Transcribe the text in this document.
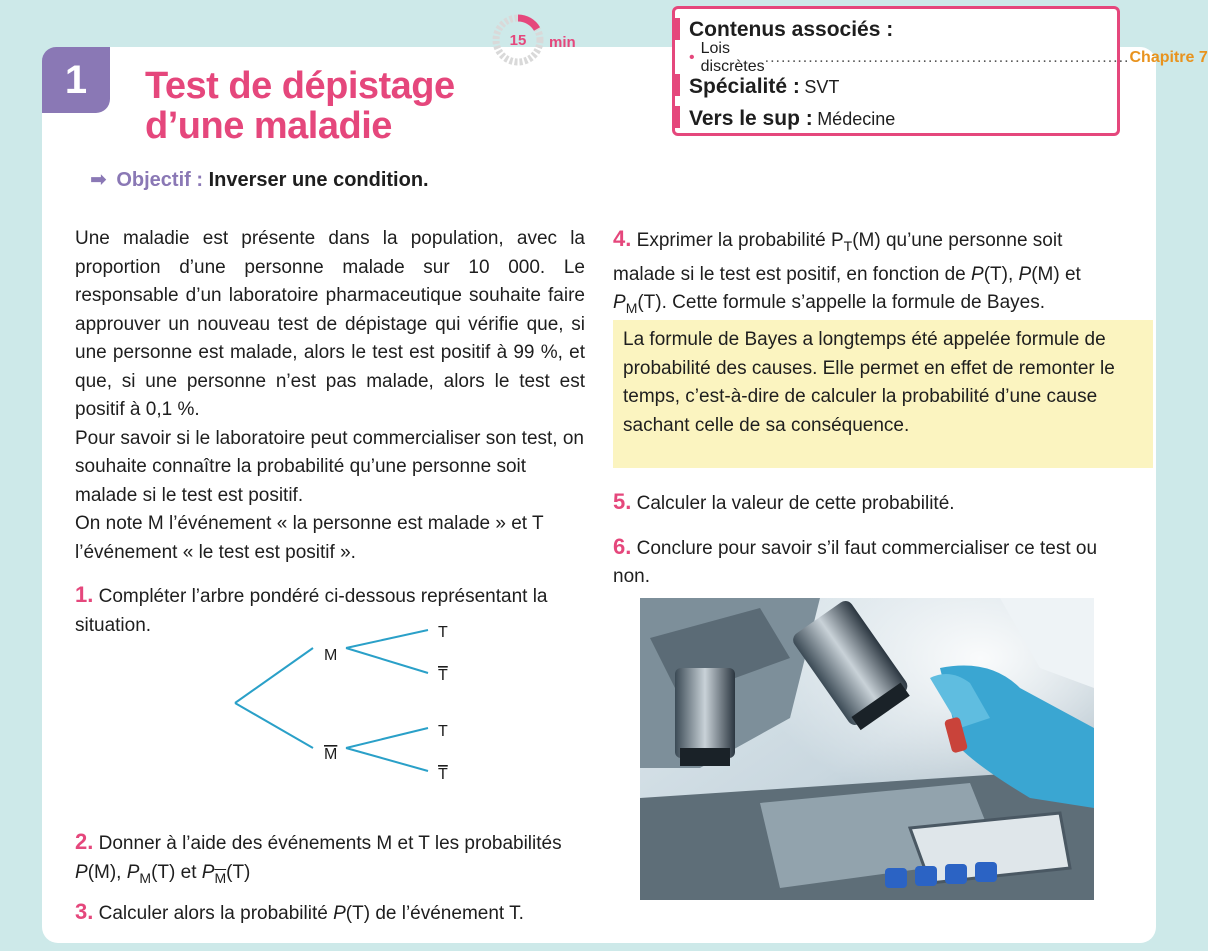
1 Test de dépistage
d’une maladie
15	min
Contenus associés :
•
Lois discrètes
................................................................... Chapitre 7
Spécialité : SVT
Vers le sup : Médecine
➡ Objectif : Inverser une condition.

Une maladie est présente dans la population, avec la proportion d’une personne malade sur 10 000. Le responsable d’un laboratoire pharmaceutique souhaite faire approuver un nouveau test de dépistage qui vérifie que, si une personne est malade, alors le test est positif à 99 %, et que, si une personne n’est pas malade, alors le test est positif à 0,1 %.

Pour savoir si le laboratoire peut commercialiser son test, on souhaite connaître la probabilité qu’une personne soit malade si le test est positif.

On note M l’événement « la personne est malade » et T l’événement « le test est positif ».

1. Compléter l’arbre pondéré ci-dessous représentant la situation.

2. Donner à l’aide des événements M et T les probabilités P(M), $P_M(T)$ et $P_{\overline{M}}(T)$

3. Calculer alors la probabilité P(T) de l’événement T.

M
M
T
T
T
T

4. Exprimer la probabilité $P_T(M)$ qu’une personne soit malade si le test est positif, en fonction de P(T), P(M) et $P_M(T)$. Cette formule s’appelle la formule de Bayes.

La formule de Bayes a longtemps été appelée formule de probabilité des causes. Elle permet en effet de remonter le temps, c’est-à-dire de calculer la probabilité d’une cause sachant celle de sa conséquence.

5. Calculer la valeur de cette probabilité.

6. Conclure pour savoir s’il faut commercialiser ce test ou non.
